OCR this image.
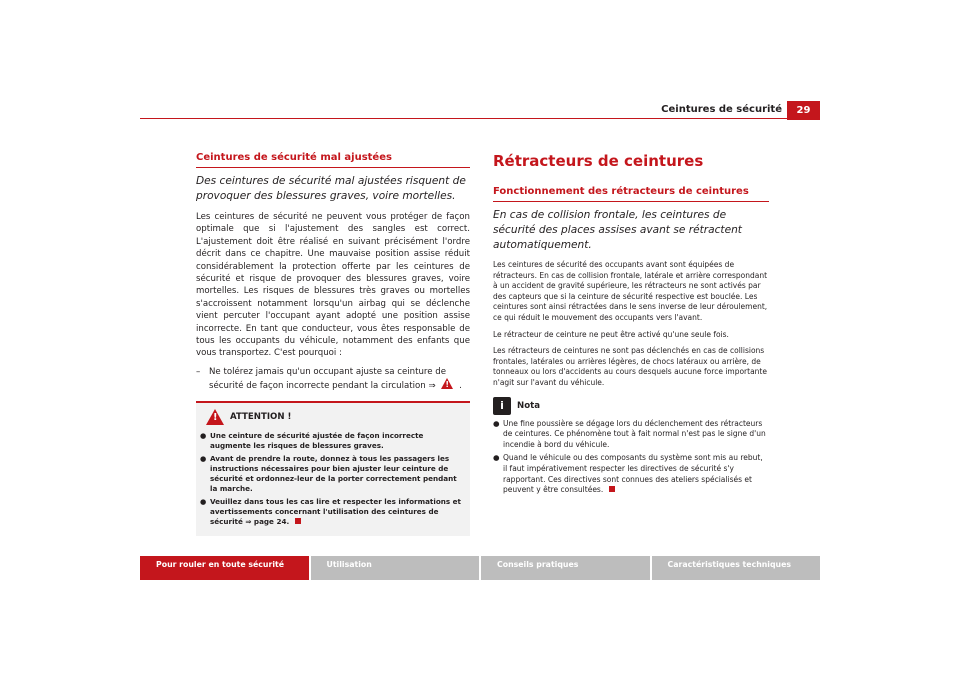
Ceintures de sécurité	29
Ceintures de sécurité mal ajustées

Des ceintures de sécurité mal ajustées risquent de provoquer des blessures graves, voire mortelles.

Les ceintures de sécurité ne peuvent vous protéger de façon optimale que si l'ajustement des sangles est correct. L'ajustement doit être réalisé en suivant précisément l'ordre décrit dans ce chapitre. Une mauvaise position assise réduit considérablement la protection offerte par les ceintures de sécurité et risque de provoquer des blessures graves, voire mortelles. Les risques de blessures très graves ou mortelles s'accroissent notamment lorsqu'un airbag qui se déclenche vient percuter l'occupant ayant adopté une position assise incorrecte. En tant que conducteur, vous êtes responsable de tous les occupants du véhicule, notamment des enfants que vous transportez. C'est pourquoi :

– Ne tolérez jamais qu'un occupant ajuste sa ceinture de sécurité de façon incorrecte pendant la circulation ⇒ !	.
!
ATTENTION !
● Une ceinture de sécurité ajustée de façon incorrecte augmente les risques de blessures graves.
● Avant de prendre la route, donnez à tous les passagers les instructions nécessaires pour bien ajuster leur ceinture de sécurité et ordonnez-leur de la porter correctement pendant la marche.
● Veuillez dans tous les cas lire et respecter les informations et avertissements concernant l'utilisation des ceintures de sécurité ⇒ page 24.
Rétracteurs de ceintures
Fonctionnement des rétracteurs de ceintures

En cas de collision frontale, les ceintures de sécurité des places assises avant se rétractent automatiquement.

Les ceintures de sécurité des occupants avant sont équipées de rétracteurs. En cas de collision frontale, latérale et arrière correspondant à un accident de gravité supérieure, les rétracteurs ne sont activés par des capteurs que si la ceinture de sécurité respective est bouclée. Les ceintures sont ainsi rétractées dans le sens inverse de leur déroulement, ce qui réduit le mouvement des occupants vers l'avant.

Le rétracteur de ceinture ne peut être activé qu'une seule fois.

Les rétracteurs de ceintures ne sont pas déclenchés en cas de collisions frontales, latérales ou arrières légères, de chocs latéraux ou arrière, de tonneaux ou lors d'accidents au cours desquels aucune force importante n'agit sur l'avant du véhicule.

i	Nota
● Une fine poussière se dégage lors du déclenchement des rétracteurs de ceintures. Ce phénomène tout à fait normal n'est pas le signe d'un incendie à bord du véhicule.
● Quand le véhicule ou des composants du système sont mis au rebut, il faut impérativement respecter les directives de sécurité s'y rapportant. Ces directives sont connues des ateliers spécialisés et peuvent y être consultées.
Pour rouler en toute sécurité	Utilisation	Conseils pratiques	Caractéristiques techniques
